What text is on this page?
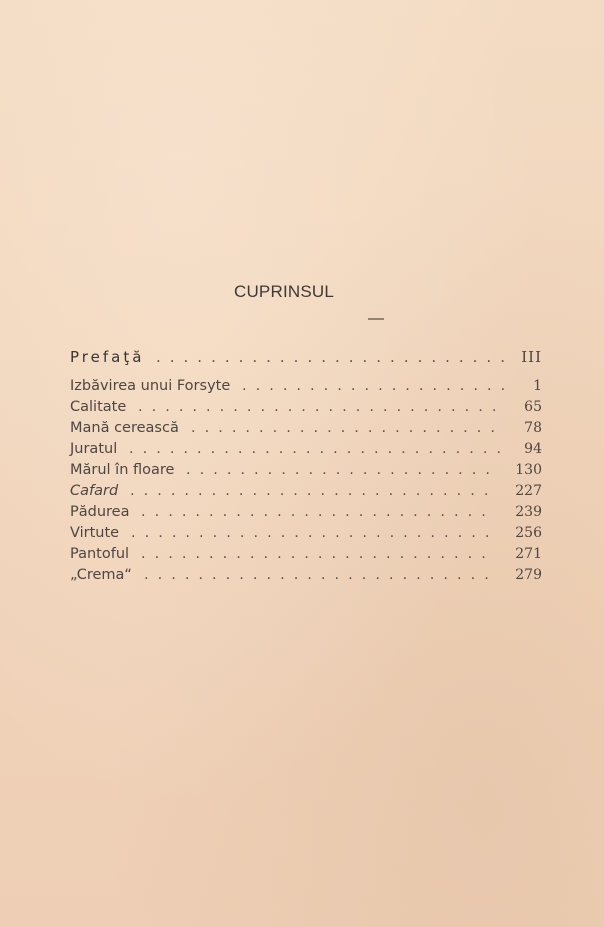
CUPRINSUL
Prefaţă .......................... III
Izbăvirea unui Forsyte .................... 1
Calitate ........................... 65
Mană cerească ....................... 78
Juratul ............................ 94
Mărul în floare ....................... 130
Cafard ........................... 227
Pădurea .......................... 239
Virtute ........................... 256
Pantoful .......................... 271
„Crema“ .......................... 279
